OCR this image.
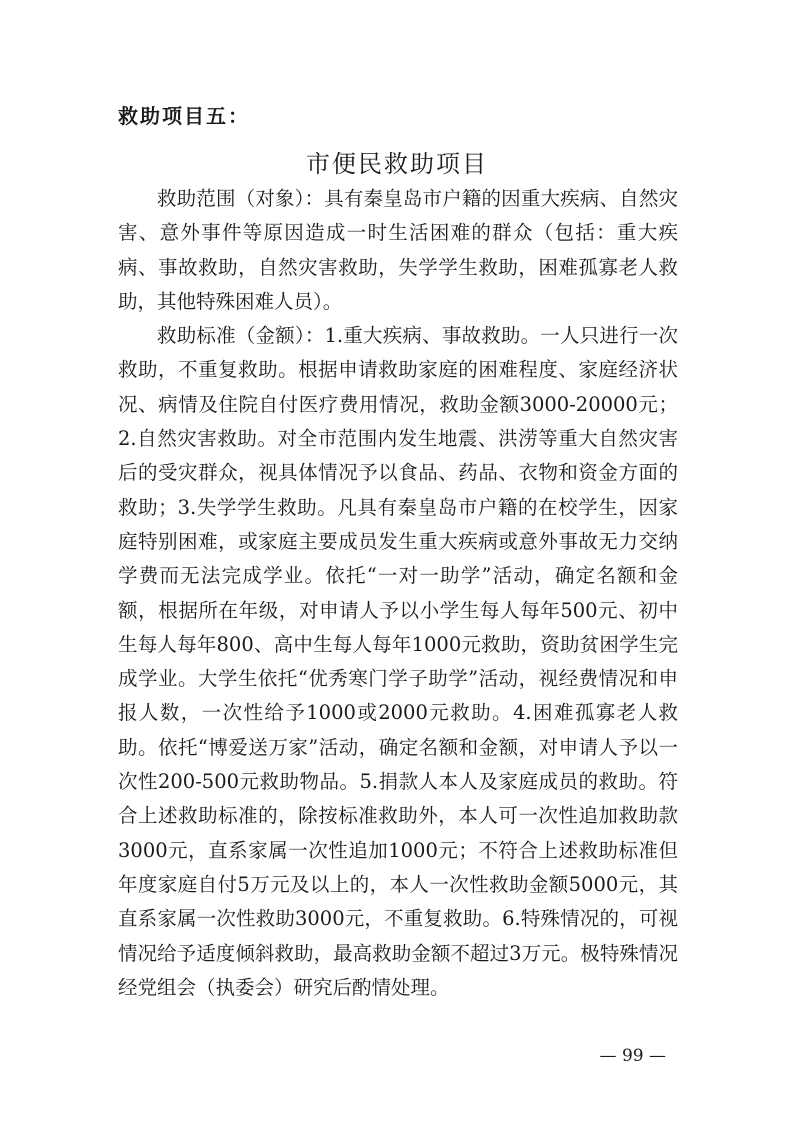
救助项目五：
市便民救助项目

救助范围（对象）：具有秦皇岛市户籍的因重大疾病、自然灾害、意外事件等原因造成一时生活困难的群众（包括：重大疾病、事故救助，自然灾害救助，失学学生救助，困难孤寡老人救助，其他特殊困难人员）。

救助标准（金额）：1.重大疾病、事故救助。一人只进行一次救助，不重复救助。根据申请救助家庭的困难程度、家庭经济状况、病情及住院自付医疗费用情况，救助金额3000-20000元；2.自然灾害救助。对全市范围内发生地震、洪涝等重大自然灾害后的受灾群众，视具体情况予以食品、药品、衣物和资金方面的救助；3.失学学生救助。凡具有秦皇岛市户籍的在校学生，因家庭特别困难，或家庭主要成员发生重大疾病或意外事故无力交纳学费而无法完成学业。依托“一对一助学”活动，确定名额和金额，根据所在年级，对申请人予以小学生每人每年500元、初中生每人每年800、高中生每人每年1000元救助，资助贫困学生完成学业。大学生依托“优秀寒门学子助学”活动，视经费情况和申报人数，一次性给予1000或2000元救助。4.困难孤寡老人救助。依托“博爱送万家”活动，确定名额和金额，对申请人予以一次性200-500元救助物品。5.捐款人本人及家庭成员的救助。符合上述救助标准的，除按标准救助外，本人可一次性追加救助款3000元，直系家属一次性追加1000元；不符合上述救助标准但年度家庭自付5万元及以上的，本人一次性救助金额5000元，其直系家属一次性救助3000元，不重复救助。6.特殊情况的，可视情况给予适度倾斜救助，最高救助金额不超过3万元。极特殊情况经党组会（执委会）研究后酌情处理。

— 99 —
